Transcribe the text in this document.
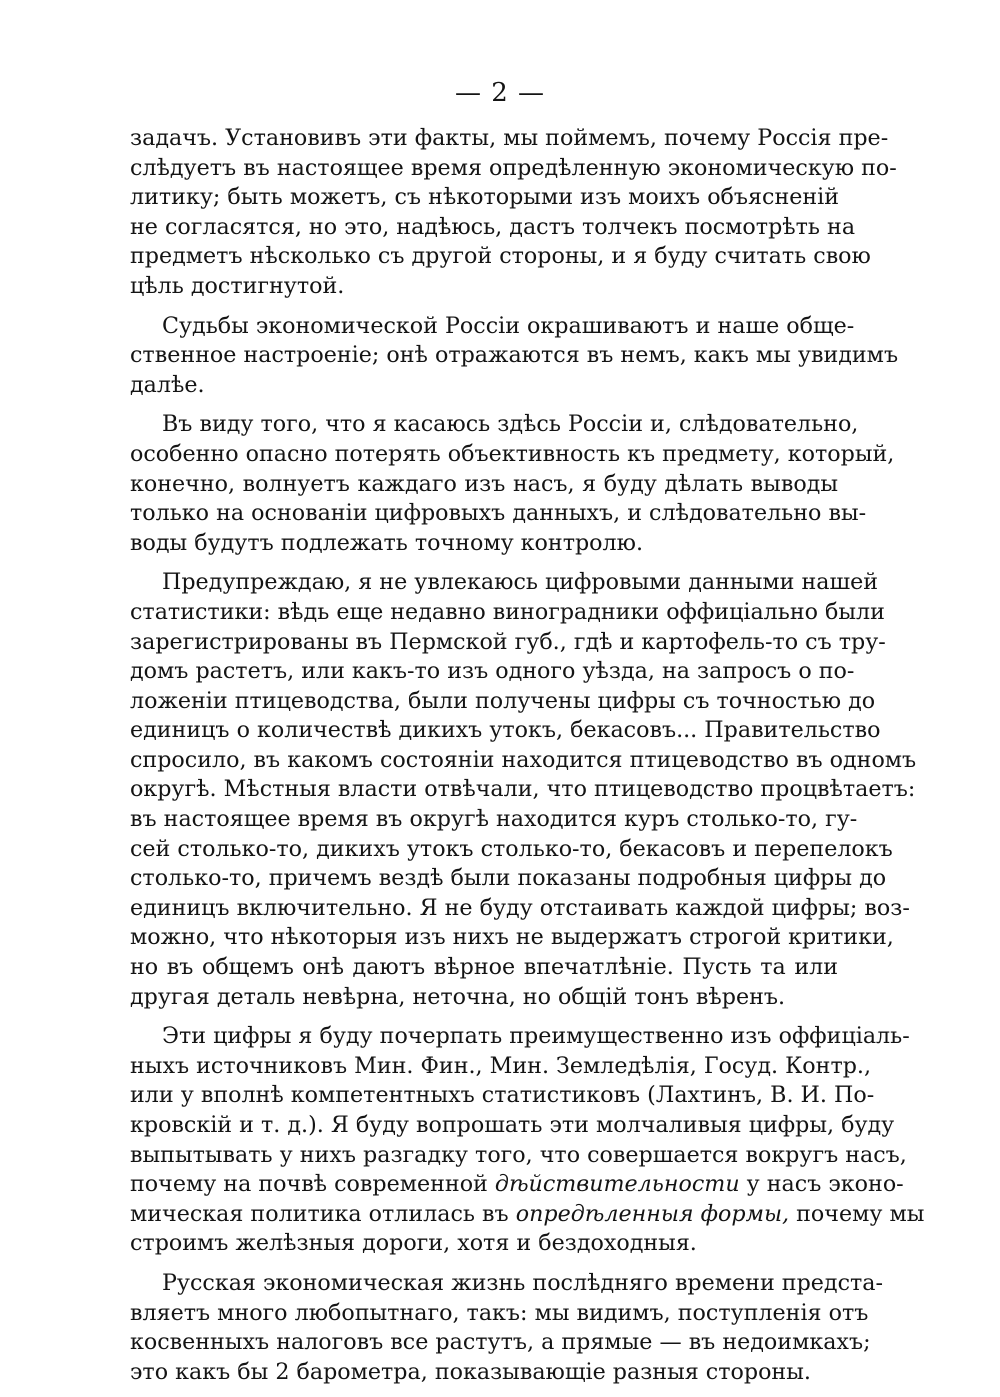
— 2 —
задачъ. Установивъ эти факты, мы поймемъ, почему Россія пре-
слѣдуетъ въ настоящее время опредѣленную экономическую по-
литику; быть можетъ, съ нѣкоторыми изъ моихъ объясненій
не согласятся, но это, надѣюсь, дастъ толчекъ посмотрѣть на
предметъ нѣсколько съ другой стороны, и я буду считать свою
цѣль достигнутой.
Судьбы экономической Россіи окрашиваютъ и наше обще-
ственное настроеніе; онѣ отражаются въ немъ, какъ мы увидимъ
далѣе.
Въ виду того, что я касаюсь здѣсь Россіи и, слѣдовательно,
особенно опасно потерять объективность къ предмету, который,
конечно, волнуетъ каждаго изъ насъ, я буду дѣлать выводы
только на основаніи цифровыхъ данныхъ, и слѣдовательно вы-
воды будутъ подлежать точному контролю.
Предупреждаю, я не увлекаюсь цифровыми данными нашей
статистики: вѣдь еще недавно виноградники оффиціально были
зарегистрированы въ Пермской губ., гдѣ и картофель-то съ тру-
домъ растетъ, или какъ-то изъ одного уѣзда, на запросъ о по-
ложеніи птицеводства, были получены цифры съ точностью до
единицъ о количествѣ дикихъ утокъ, бекасовъ... Правительство
спросило, въ какомъ состояніи находится птицеводство въ одномъ
округѣ. Мѣстныя власти отвѣчали, что птицеводство процвѣтаетъ:
въ настоящее время въ округѣ находится куръ столько-то, гу-
сей столько-то, дикихъ утокъ столько-то, бекасовъ и перепелокъ
столько-то, причемъ вездѣ были показаны подробныя цифры до
единицъ включительно. Я не буду отстаивать каждой цифры; воз-
можно, что нѣкоторыя изъ нихъ не выдержатъ строгой критики,
но въ общемъ онѣ даютъ вѣрное впечатлѣніе. Пусть та или
другая деталь невѣрна, неточна, но общій тонъ вѣренъ.
Эти цифры я буду почерпать преимущественно изъ оффиціаль-
ныхъ источниковъ Мин. Фин., Мин. Земледѣлія, Госуд. Контр.,
или у вполнѣ компетентныхъ статистиковъ (Лахтинъ, В. И. По-
кровскій и т. д.). Я буду вопрошать эти молчаливыя цифры, буду
выпытывать у нихъ разгадку того, что совершается вокругъ насъ,
почему на почвѣ современной дѣйствительности у насъ эконо-
мическая политика отлилась въ опредѣленныя формы, почему мы
строимъ желѣзныя дороги, хотя и бездоходныя.
Русская экономическая жизнь послѣдняго времени предста-
вляетъ много любопытнаго, такъ: мы видимъ, поступленія отъ
косвенныхъ налоговъ все растутъ, а прямые — въ недоимкахъ;
это какъ бы 2 барометра, показывающіе разныя стороны.
